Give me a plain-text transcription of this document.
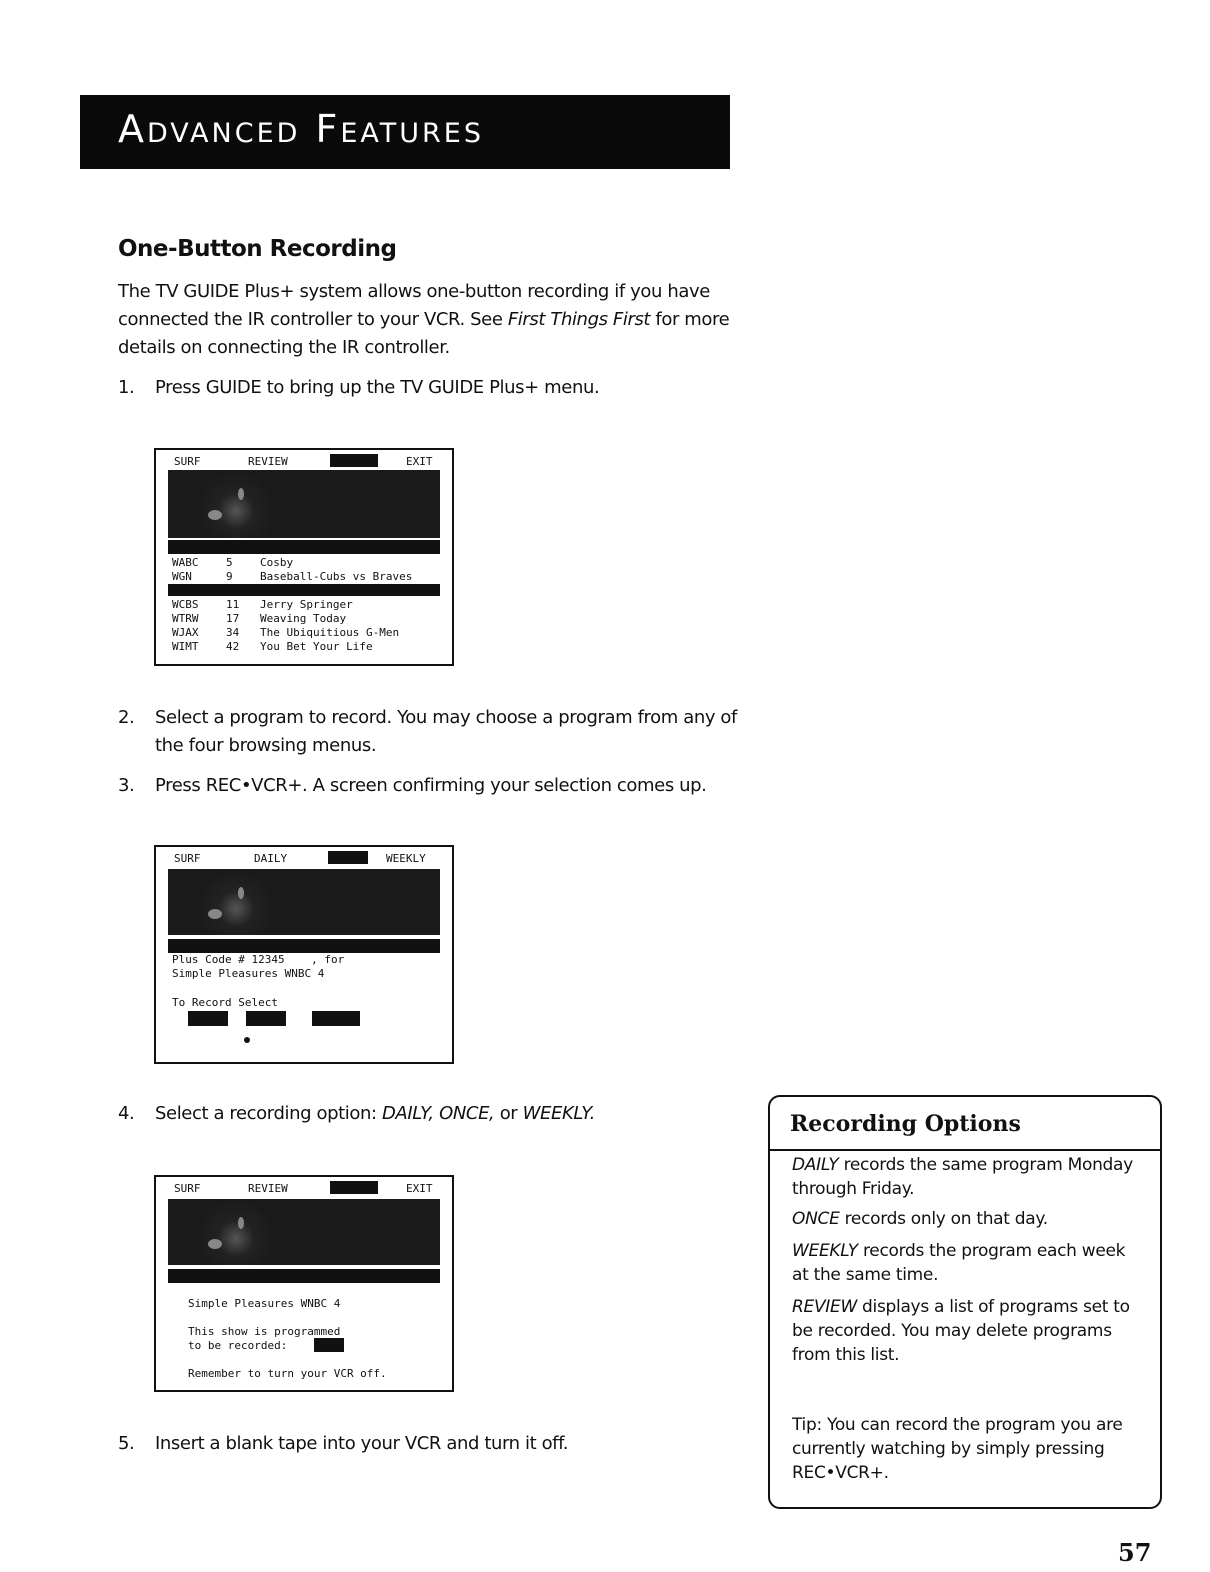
Advanced Features
One-Button Recording
The TV GUIDE Plus+ system allows one-button recording if you have connected the IR controller to your VCR. See First Things First for more details on connecting the IR controller.
1. Press GUIDE to bring up the TV GUIDE Plus+ menu.
SURF	REVIEW	EXIT
WABC	5 Cosby
WGN	9 Baseball-Cubs vs Braves
WCBS	11 Jerry Springer
WTRW	17 Weaving Today
WJAX	34 The Ubiquitious G-Men
WIMT	42 You Bet Your Life
2. Select a program to record. You may choose a program from any of the four browsing menus.
3. Press REC•VCR+. A screen confirming your selection comes up.
SURF	DAILY	WEEKLY
Plus Code # 12345    , for
Simple Pleasures WNBC 4
To Record Select
4. Select a recording option: DAILY, ONCE, or WEEKLY.
SURF	REVIEW	EXIT
Simple Pleasures WNBC 4
This show is programmed
to be recorded:
Remember to turn your VCR off.
5. Insert a blank tape into your VCR and turn it off.
Recording Options
DAILY records the same program Monday through Friday.
ONCE records only on that day.
WEEKLY records the program each week at the same time.
REVIEW displays a list of programs set to be recorded. You may delete programs from this list.
Tip: You can record the program you are currently watching by simply pressing REC•VCR+.
57
